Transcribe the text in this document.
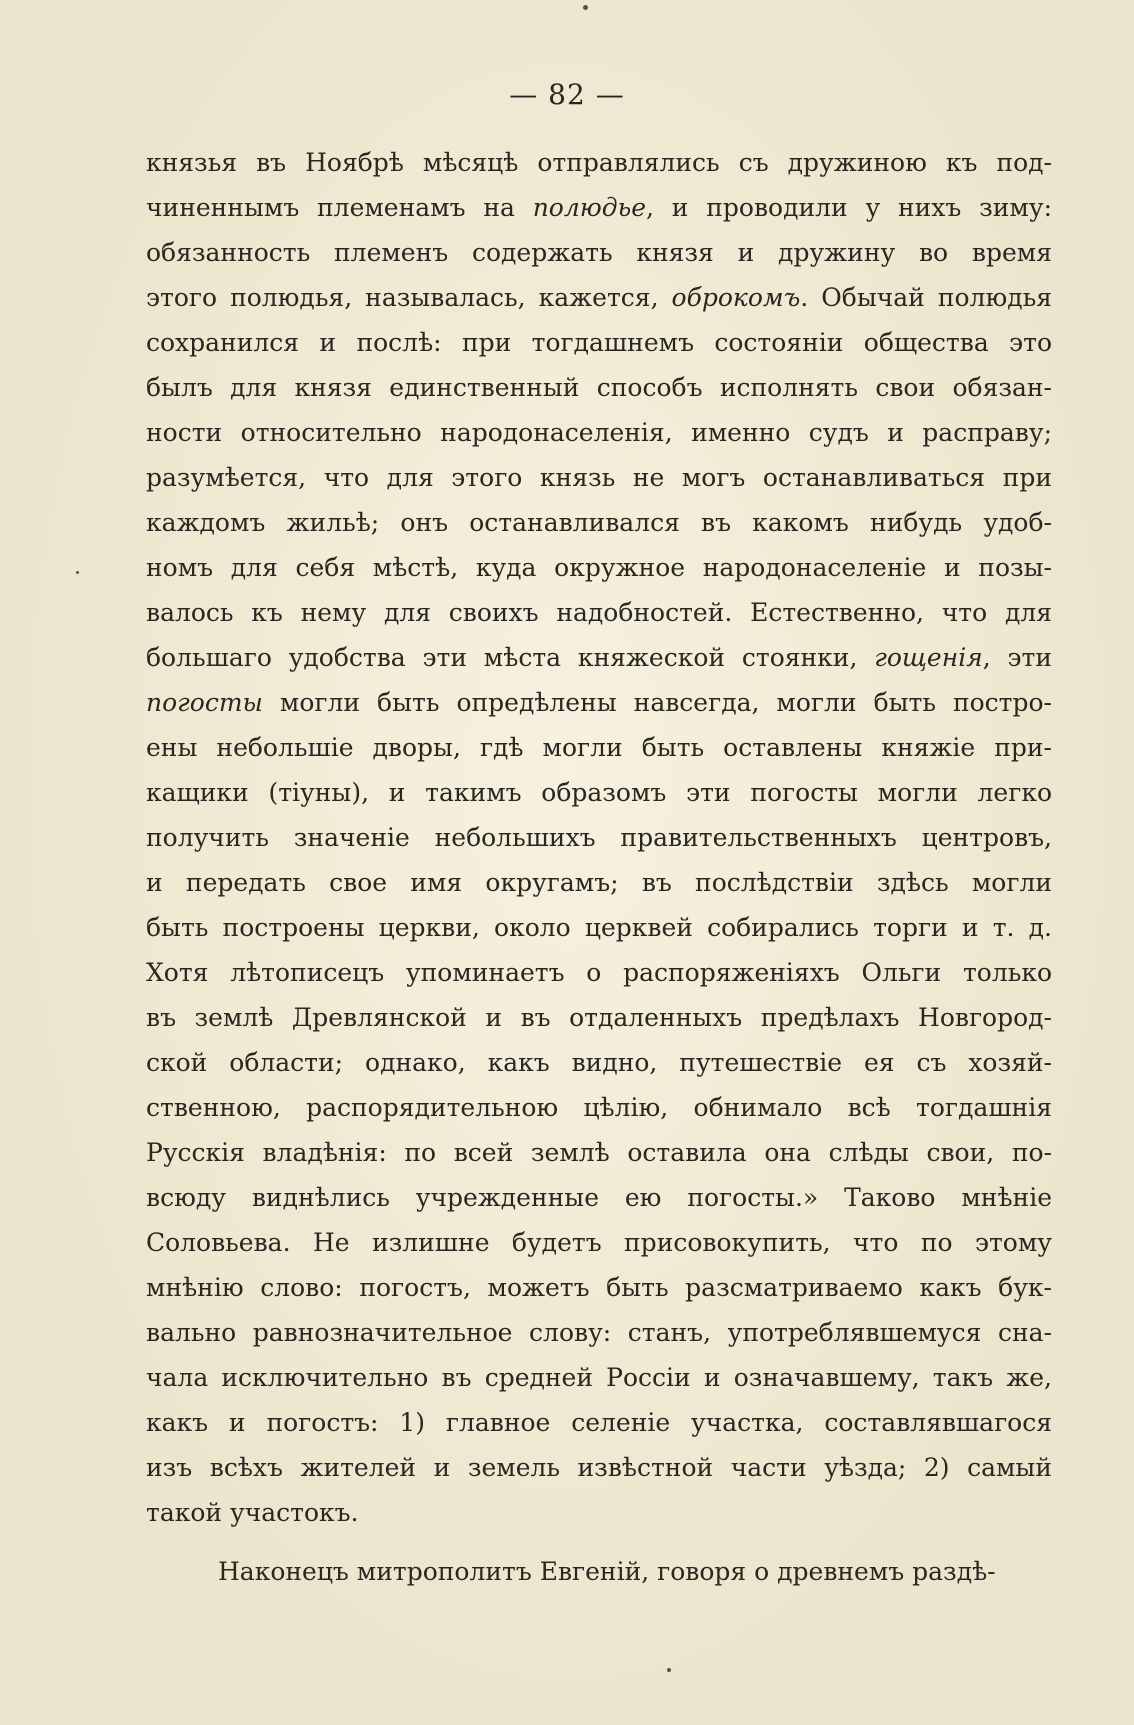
— 82 —
князья въ Ноябрѣ мѣсяцѣ отправлялись съ дружиною къ под-
чиненнымъ племенамъ на полюдье, и проводили у нихъ зиму:
обязанность племенъ содержать князя и дружину во время
этого полюдья, называлась, кажется, оброкомъ. Обычай полюдья
сохранился и послѣ: при тогдашнемъ состояніи общества это
былъ для князя единственный способъ исполнять свои обязан-
ности относительно народонаселенія, именно судъ и расправу;
разумѣется, что для этого князь не могъ останавливаться при
каждомъ жильѣ; онъ останавливался въ какомъ нибудь удоб-
номъ для себя мѣстѣ, куда окружное народонаселеніе и позы-
валось къ нему для своихъ надобностей. Естественно, что для
большаго удобства эти мѣста княжеской стоянки, гощенія, эти
погосты могли быть опредѣлены навсегда, могли быть постро-
ены небольшіе дворы, гдѣ могли быть оставлены княжіе при-
кащики (тіуны), и такимъ образомъ эти погосты могли легко
получить значеніе небольшихъ правительственныхъ центровъ,
и передать свое имя округамъ; въ послѣдствіи здѣсь могли
быть построены церкви, около церквей собирались торги и т. д.
Хотя лѣтописецъ упоминаетъ о распоряженіяхъ Ольги только
въ землѣ Древлянской и въ отдаленныхъ предѣлахъ Новгород-
ской области; однако, какъ видно, путешествіе ея съ хозяй-
ственною, распорядительною цѣлію, обнимало всѣ тогдашнія
Русскія владѣнія: по всей землѣ оставила она слѣды свои, по-
всюду виднѣлись учрежденные ею погосты.» Таково мнѣніе
Соловьева. Не излишне будетъ присовокупить, что по этому
мнѣнію слово: погостъ, можетъ быть разсматриваемо какъ бук-
вально равнозначительное слову: станъ, употреблявшемуся сна-
чала исключительно въ средней Россіи и означавшему, такъ же,
какъ и погостъ: 1) главное селеніе участка, составлявшагося
изъ всѣхъ жителей и земель извѣстной части уѣзда; 2) самый
такой участокъ.
Наконецъ митрополитъ Евгеній, говоря о древнемъ раздѣ-
